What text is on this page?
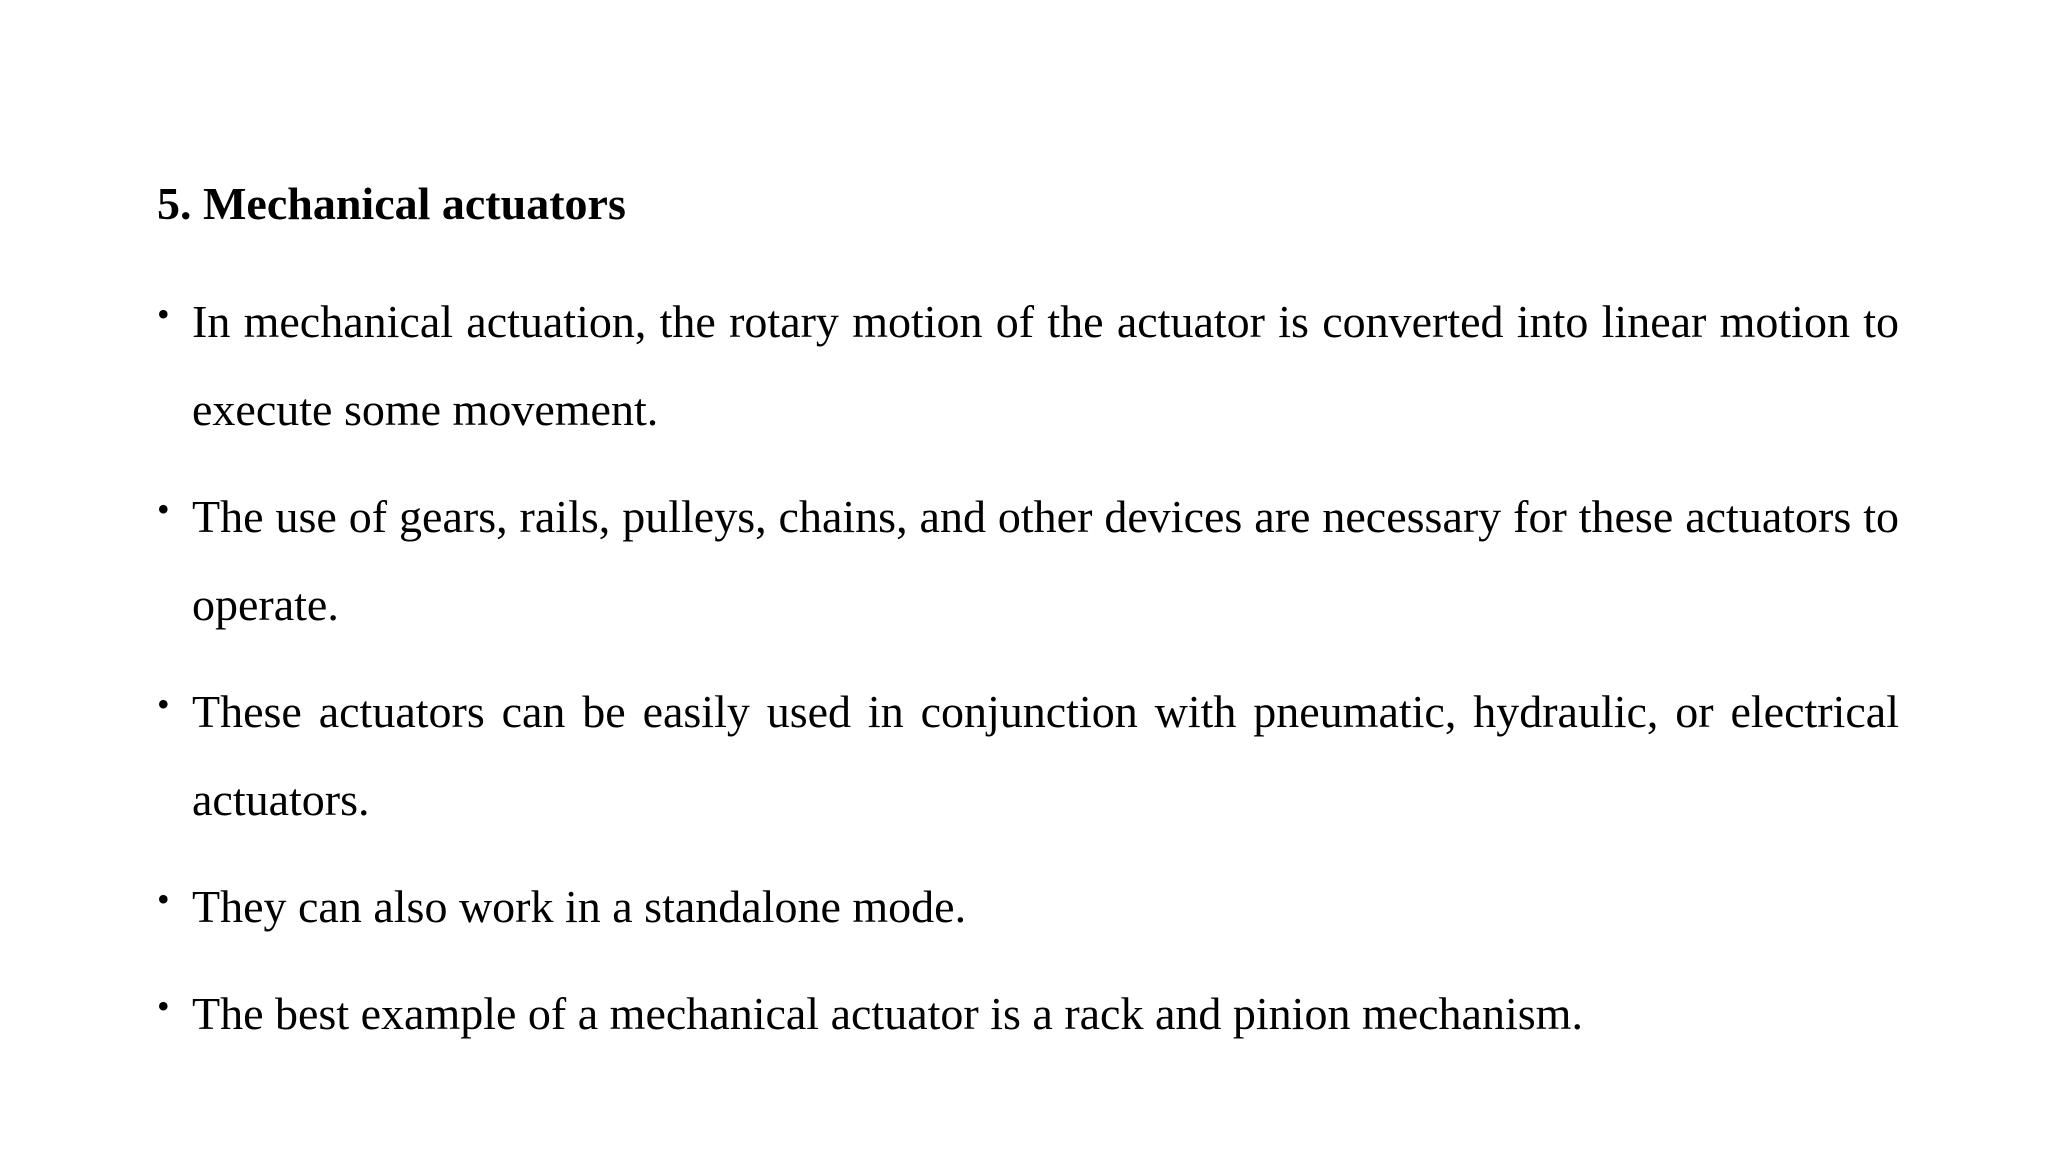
5. Mechanical actuators
• In mechanical actuation, the rotary motion of the actuator is converted into linear motion to execute some movement.
• The use of gears, rails, pulleys, chains, and other devices are necessary for these actuators to operate.
• These actuators can be easily used in conjunction with pneumatic, hydraulic, or electrical actuators.
• They can also work in a standalone mode.
• The best example of a mechanical actuator is a rack and pinion mechanism.
